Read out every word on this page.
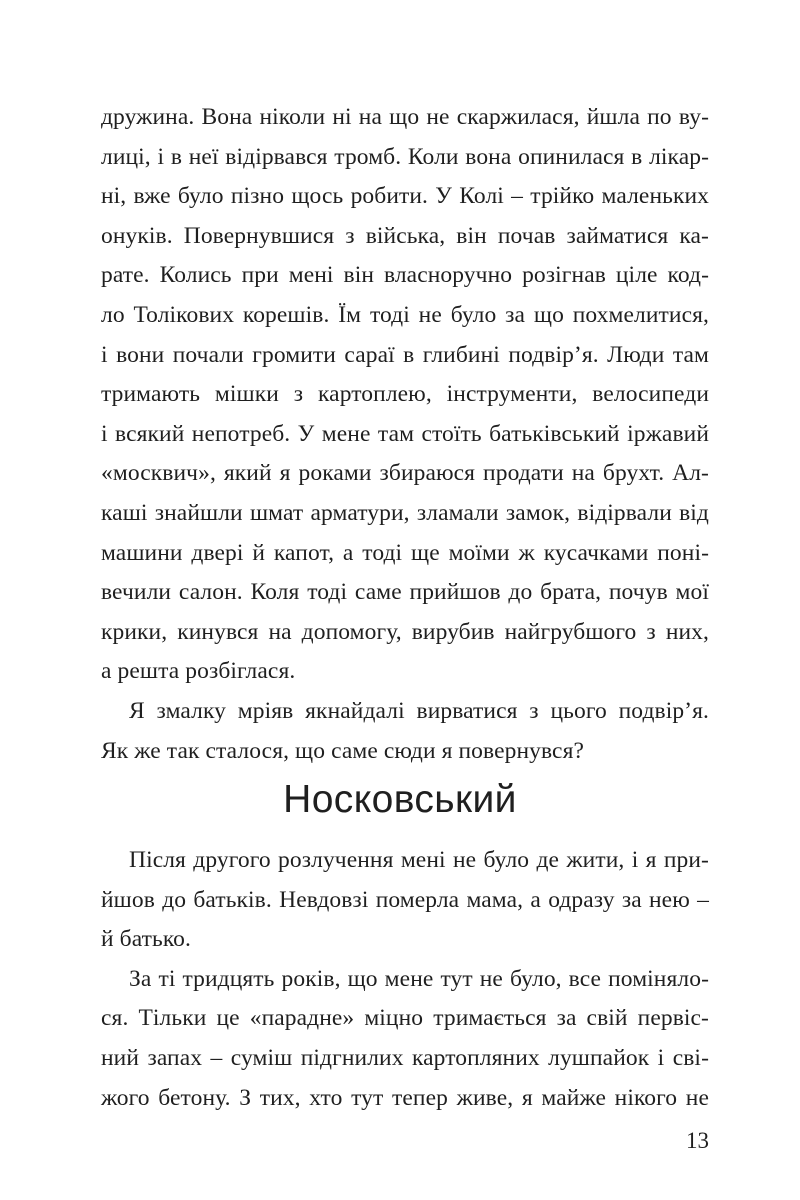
дружина. Вона ніколи ні на що не скаржилася, йшла по ву-
лиці, і в неї відірвався тромб. Коли вона опинилася в лікар-
ні, вже було пізно щось робити. У Колі – трійко маленьких
онуків. Повернувшися з війська, він почав займатися ка-
рате. Колись при мені він власноручно розігнав ціле код-
ло Толікових корешів. Їм тоді не було за що похмелитися,
і вони почали громити сараї в глибині подвір’я. Люди там
тримають мішки з картоплею, інструменти, велосипеди
і всякий непотреб. У мене там стоїть батьківський іржавий
«москвич», який я роками збираюся продати на брухт. Ал-
каші знайшли шмат арматури, зламали замок, відірвали від
машини двері й капот, а тоді ще моїми ж кусачками поні-
вечили салон. Коля тоді саме прийшов до брата, почув мої
крики, кинувся на допомогу, вирубив найгрубшого з них,
а решта розбіглася.

Я змалку мріяв якнайдалі вирватися з цього подвір’я.
Як же так сталося, що саме сюди я повернувся?

Носковський

Після другого розлучення мені не було де жити, і я при-
йшов до батьків. Невдовзі померла мама, а одразу за нею –
й батько.

За ті тридцять років, що мене тут не було, все поміняло-
ся. Тільки це «парадне» міцно тримається за свій первіс-
ний запах – суміш підгнилих картопляних лушпайок і сві-
жого бетону. З тих, хто тут тепер живе, я майже нікого не

13
